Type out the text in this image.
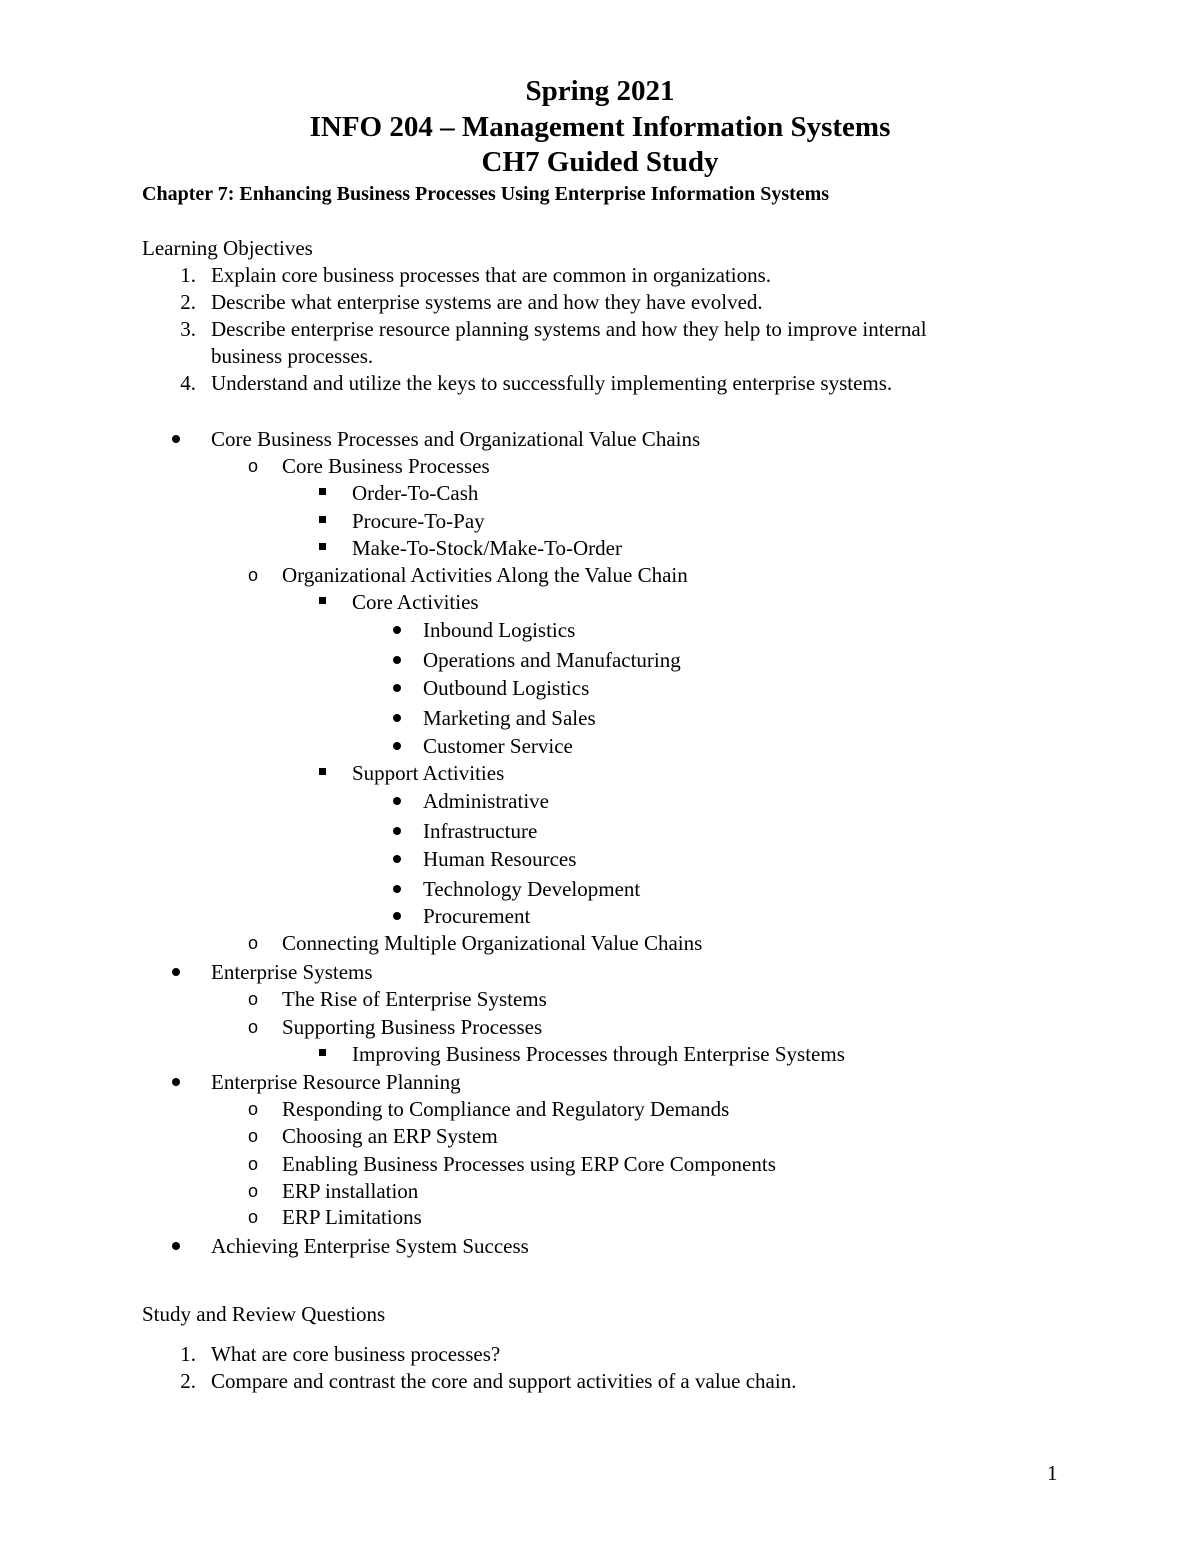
Spring 2021
INFO 204 – Management Information Systems
CH7 Guided Study
Chapter 7: Enhancing Business Processes Using Enterprise Information Systems
Learning Objectives
1. Explain core business processes that are common in organizations.
2. Describe what enterprise systems are and how they have evolved.
3. Describe enterprise resource planning systems and how they help to improve internal
business processes.
4. Understand and utilize the keys to successfully implementing enterprise systems.
Core Business Processes and Organizational Value Chains
o Core Business Processes
Order-To-Cash
Procure-To-Pay
Make-To-Stock/Make-To-Order
o Organizational Activities Along the Value Chain
Core Activities
Inbound Logistics
Operations and Manufacturing
Outbound Logistics
Marketing and Sales
Customer Service
Support Activities
Administrative
Infrastructure
Human Resources
Technology Development
Procurement
o Connecting Multiple Organizational Value Chains
Enterprise Systems
o The Rise of Enterprise Systems
o Supporting Business Processes
Improving Business Processes through Enterprise Systems
Enterprise Resource Planning
o Responding to Compliance and Regulatory Demands
o Choosing an ERP System
o Enabling Business Processes using ERP Core Components
o ERP installation
o ERP Limitations
Achieving Enterprise System Success
Study and Review Questions
1. What are core business processes?
2. Compare and contrast the core and support activities of a value chain.
1
